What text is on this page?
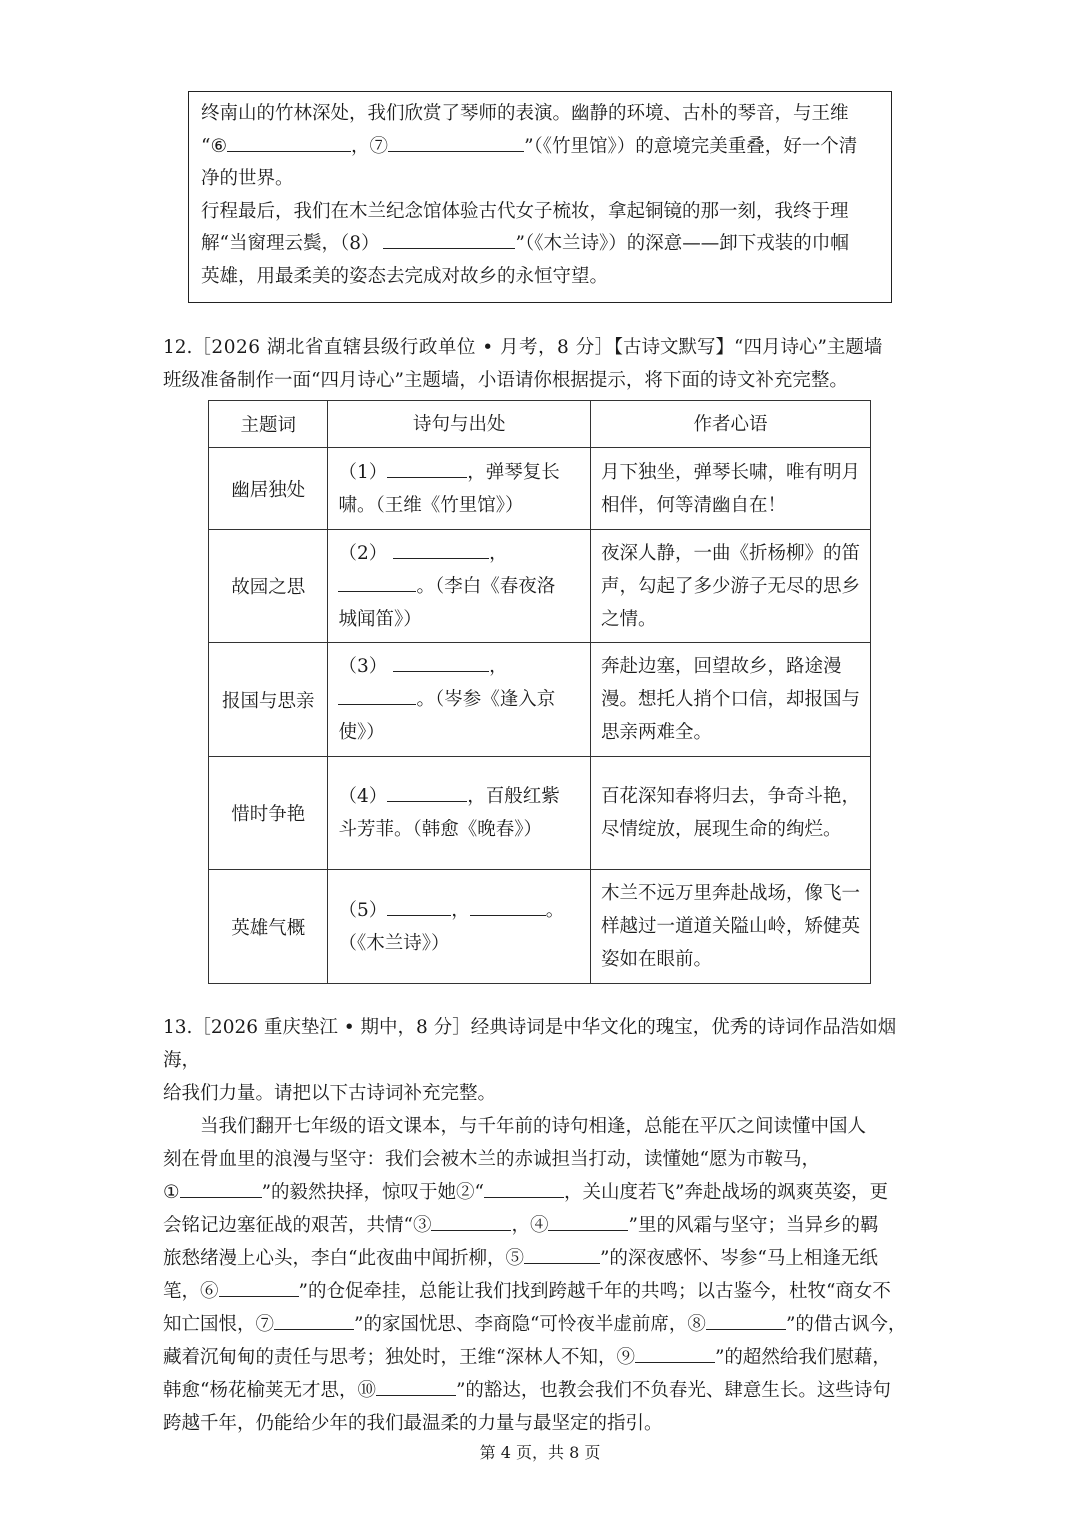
终南山的竹林深处，我们欣赏了琴师的表演。幽静的环境、古朴的琴音，与王维

“⑥	，⑦	”（《竹里馆》）的意境完美重叠，好一个清

净的世界。

行程最后，我们在木兰纪念馆体验古代女子梳妆，拿起铜镜的那一刻，我终于理

解“当窗理云鬓，（8）	”（《木兰诗》）的深意——卸下戎装的巾帼

英雄，用最柔美的姿态去完成对故乡的永恒守望。

12.［2026 湖北省直辖县级行政单位 • 月考，8 分］【古诗文默写】“四月诗心”主题墙

班级准备制作一面“四月诗心”主题墙，小语请你根据提示，将下面的诗文补充完整。

主题词	诗句与出处	作者心语
幽居独处	（1） ，弹琴复长
啸。（王维《竹里馆》）	月下独坐，弹琴长啸，唯有明月相伴，何等清幽自在！
故园之思	（2） ，
。（李白《春夜洛
城闻笛》）	夜深人静，一曲《折杨柳》的笛声，勾起了多少游子无尽的思乡之情。
报国与思亲	（3） ，
。（岑参《逢入京
使》）	奔赴边塞，回望故乡，路途漫漫。想托人捎个口信，却报国与思亲两难全。
惜时争艳	（4） ，百般红紫
斗芳菲。（韩愈《晚春》）	百花深知春将归去，争奇斗艳，尽情绽放，展现生命的绚烂。
英雄气概	（5） ， 。
（《木兰诗》）	木兰不远万里奔赴战场，像飞一样越过一道道关隘山岭，矫健英姿如在眼前。

13.［2026 重庆垫江 • 期中，8 分］经典诗词是中华文化的瑰宝，优秀的诗词作品浩如烟海，

给我们力量。请把以下古诗词补充完整。

当我们翻开七年级的语文课本，与千年前的诗句相逢，总能在平仄之间读懂中国人

刻在骨血里的浪漫与坚守：我们会被木兰的赤诚担当打动，读懂她“愿为市鞍马，

①	”的毅然抉择，惊叹于她②“	，关山度若飞”奔赴战场的飒爽英姿，更

会铭记边塞征战的艰苦，共情“③	，④	”里的风霜与坚守；当异乡的羁

旅愁绪漫上心头，李白“此夜曲中闻折柳，⑤	”的深夜感怀、岑参“马上相逢无纸

笔，⑥	”的仓促牵挂，总能让我们找到跨越千年的共鸣；以古鉴今，杜牧“商女不

知亡国恨，⑦	”的家国忧思、李商隐“可怜夜半虚前席，⑧	”的借古讽今，

藏着沉甸甸的责任与思考；独处时，王维“深林人不知，⑨	”的超然给我们慰藉，

韩愈“杨花榆荚无才思，⑩	”的豁达，也教会我们不负春光、肆意生长。这些诗句

跨越千年，仍能给少年的我们最温柔的力量与最坚定的指引。

第 4 页，共 8 页
